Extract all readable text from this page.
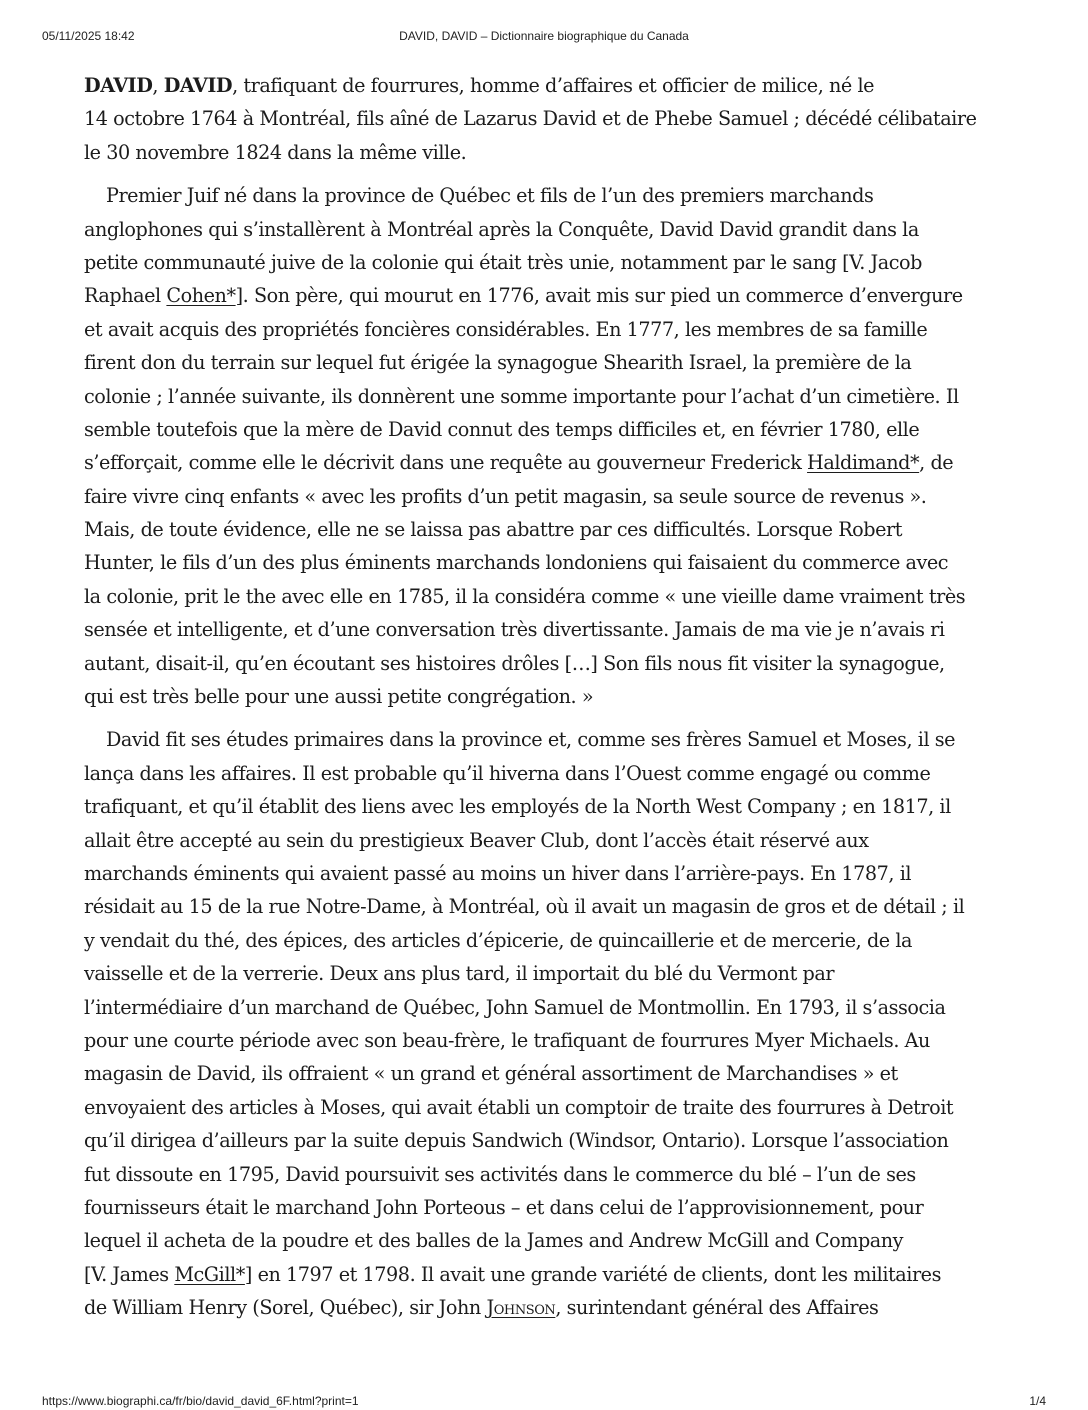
05/11/2025 18:42	DAVID, DAVID – Dictionnaire biographique du Canada

DAVID, DAVID, trafiquant de fourrures, homme d’affaires et officier de milice, né le
14 octobre 1764 à Montréal, fils aîné de Lazarus David et de Phebe Samuel ; décédé célibataire
le 30 novembre 1824 dans la même ville.

Premier Juif né dans la province de Québec et fils de l’un des premiers marchands
anglophones qui s’installèrent à Montréal après la Conquête, David David grandit dans la
petite communauté juive de la colonie qui était très unie, notamment par le sang [V. Jacob
Raphael Cohen*]. Son père, qui mourut en 1776, avait mis sur pied un commerce d’envergure
et avait acquis des propriétés foncières considérables. En 1777, les membres de sa famille
firent don du terrain sur lequel fut érigée la synagogue Shearith Israel, la première de la
colonie ; l’année suivante, ils donnèrent une somme importante pour l’achat d’un cimetière. Il
semble toutefois que la mère de David connut des temps difficiles et, en février 1780, elle
s’efforçait, comme elle le décrivit dans une requête au gouverneur Frederick Haldimand*, de
faire vivre cinq enfants « avec les profits d’un petit magasin, sa seule source de revenus ».
Mais, de toute évidence, elle ne se laissa pas abattre par ces difficultés. Lorsque Robert
Hunter, le fils d’un des plus éminents marchands londoniens qui faisaient du commerce avec
la colonie, prit le the avec elle en 1785, il la considéra comme « une vieille dame vraiment très
sensée et intelligente, et d’une conversation très divertissante. Jamais de ma vie je n’avais ri
autant, disait-il, qu’en écoutant ses histoires drôles […] Son fils nous fit visiter la synagogue,
qui est très belle pour une aussi petite congrégation. »

David fit ses études primaires dans la province et, comme ses frères Samuel et Moses, il se
lança dans les affaires. Il est probable qu’il hiverna dans l’Ouest comme engagé ou comme
trafiquant, et qu’il établit des liens avec les employés de la North West Company ; en 1817, il
allait être accepté au sein du prestigieux Beaver Club, dont l’accès était réservé aux
marchands éminents qui avaient passé au moins un hiver dans l’arrière-pays. En 1787, il
résidait au 15 de la rue Notre-Dame, à Montréal, où il avait un magasin de gros et de détail ; il
y vendait du thé, des épices, des articles d’épicerie, de quincaillerie et de mercerie, de la
vaisselle et de la verrerie. Deux ans plus tard, il importait du blé du Vermont par
l’intermédiaire d’un marchand de Québec, John Samuel de Montmollin. En 1793, il s’associa
pour une courte période avec son beau-frère, le trafiquant de fourrures Myer Michaels. Au
magasin de David, ils offraient « un grand et général assortiment de Marchandises » et
envoyaient des articles à Moses, qui avait établi un comptoir de traite des fourrures à Detroit
qu’il dirigea d’ailleurs par la suite depuis Sandwich (Windsor, Ontario). Lorsque l’association
fut dissoute en 1795, David poursuivit ses activités dans le commerce du blé – l’un de ses
fournisseurs était le marchand John Porteous – et dans celui de l’approvisionnement, pour
lequel il acheta de la poudre et des balles de la James and Andrew McGill and Company
[V. James McGill*] en 1797 et 1798. Il avait une grande variété de clients, dont les militaires
de William Henry (Sorel, Québec), sir John Johnson, surintendant général des Affaires

https://www.biographi.ca/fr/bio/david_david_6F.html?print=1	1/4
